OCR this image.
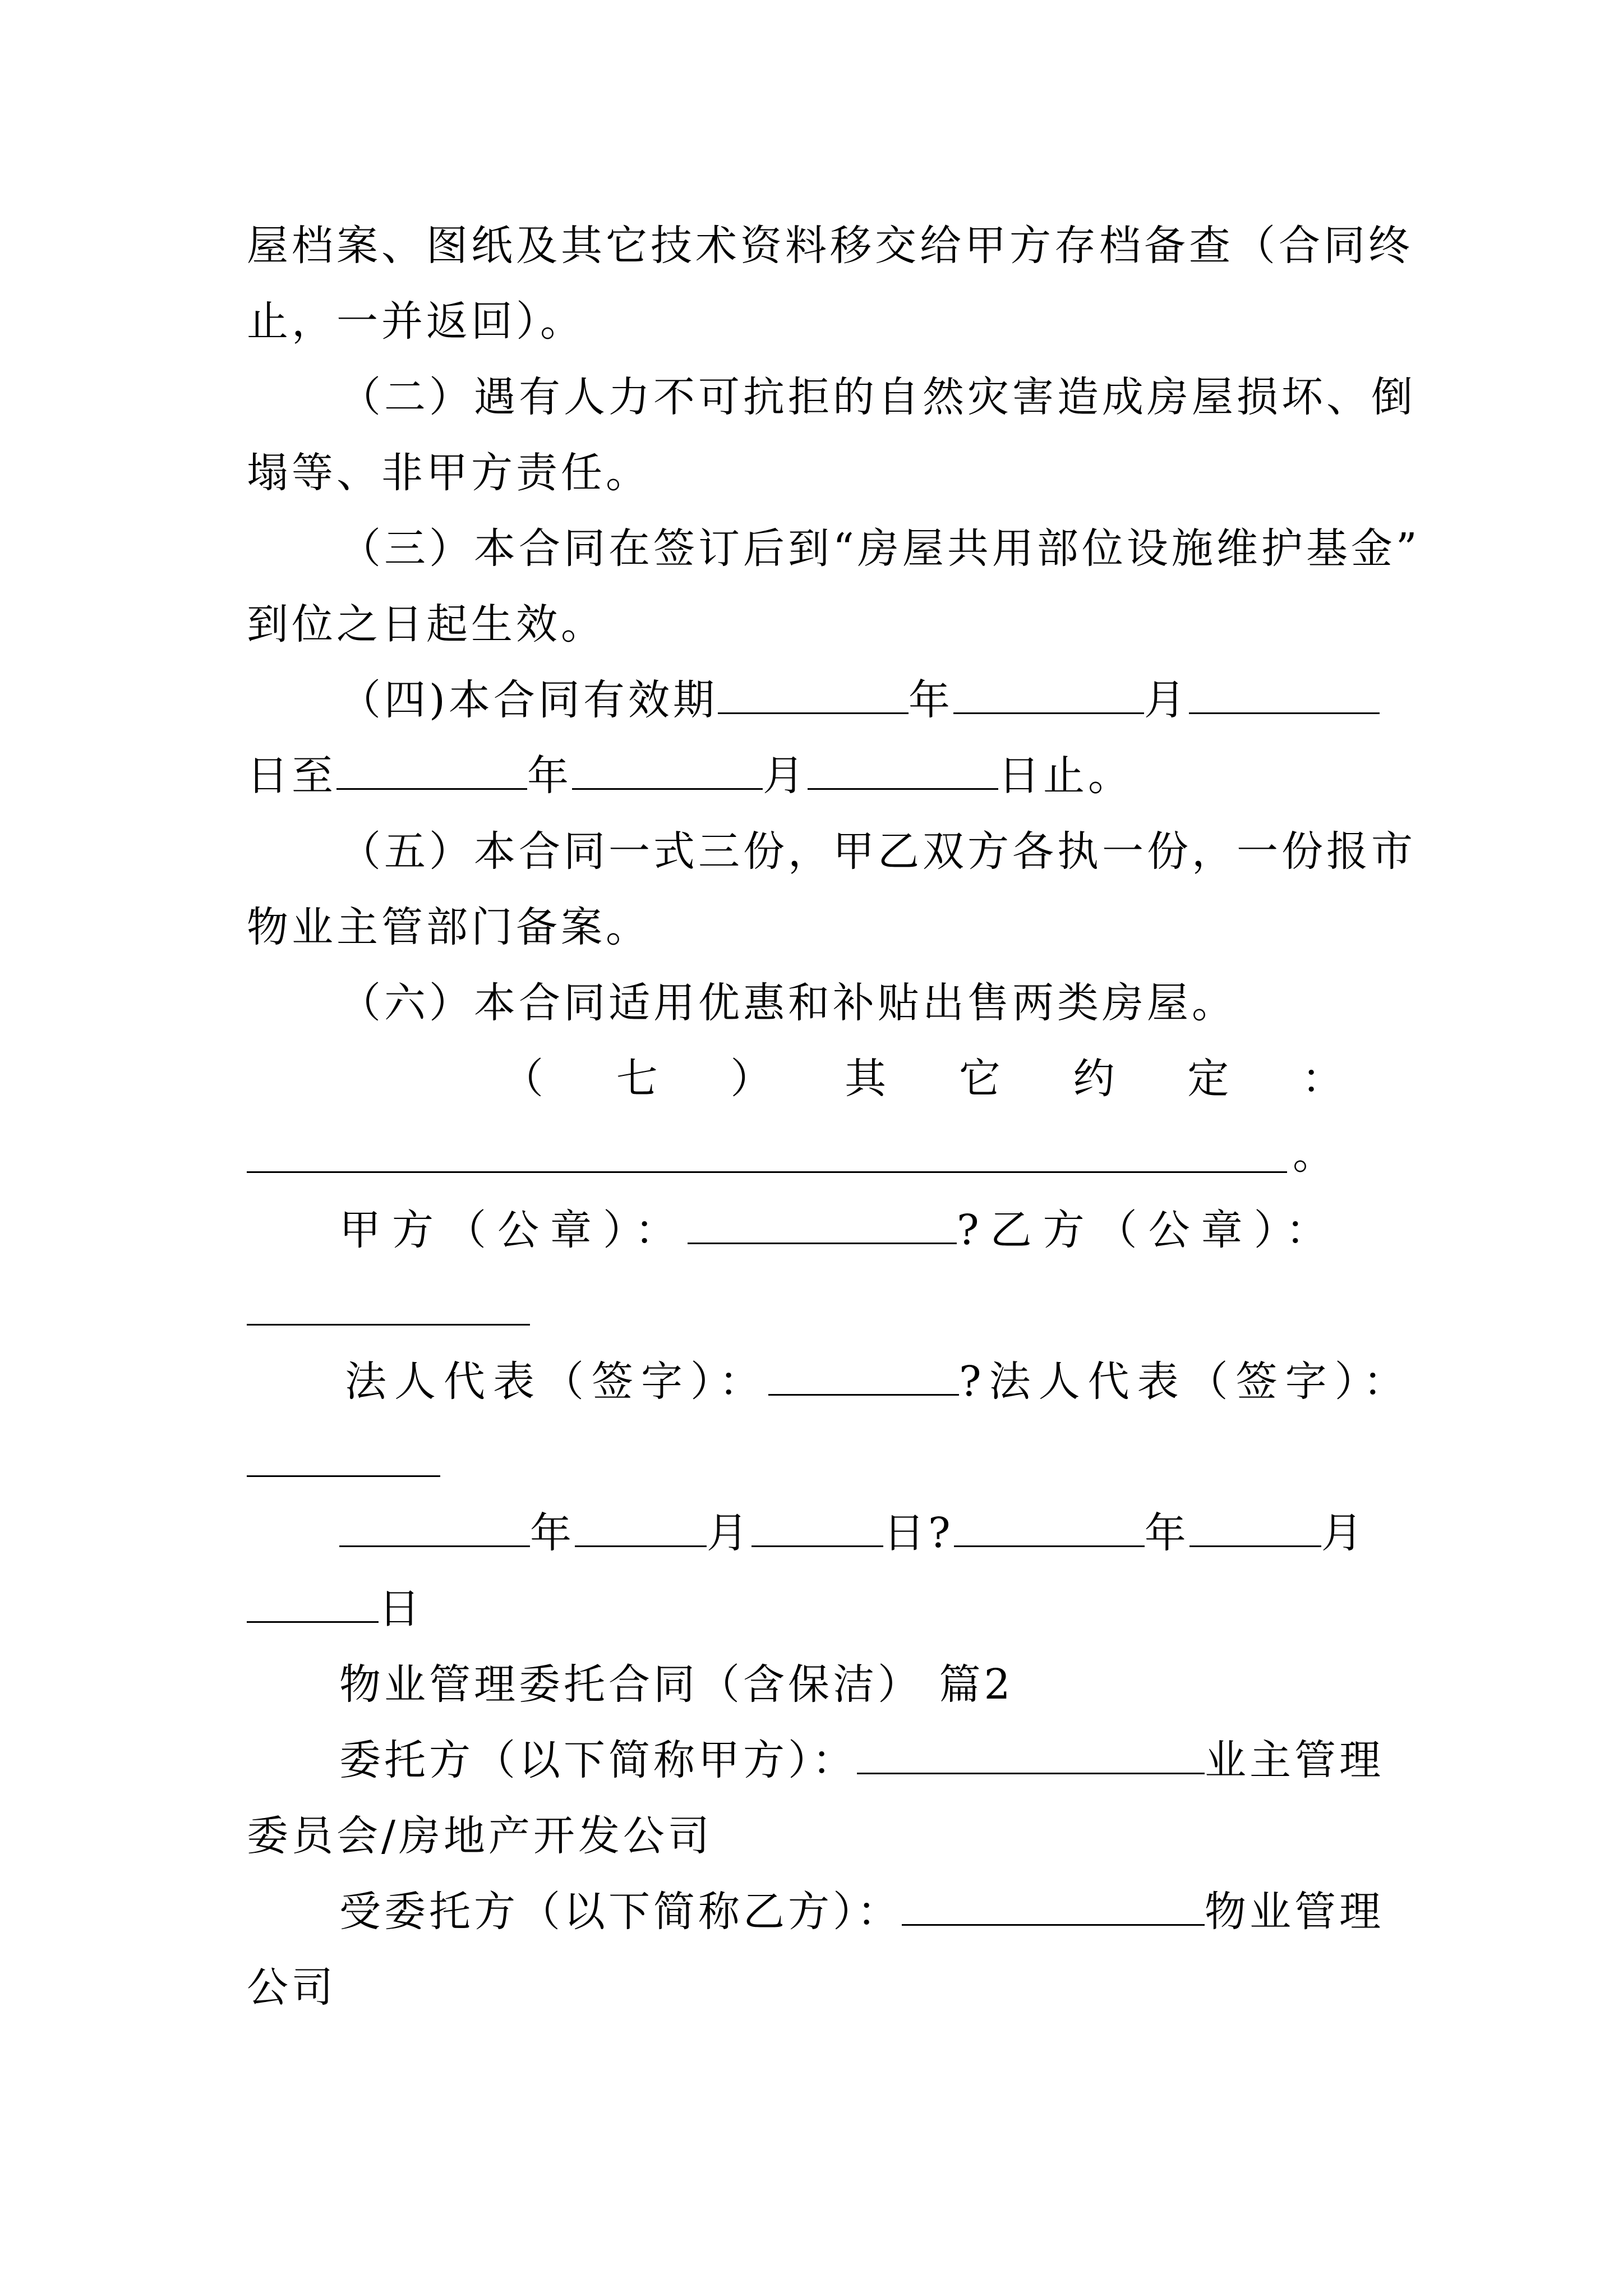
屋档案、图纸及其它技术资料移交给甲方存档备查（合同终
止，一并返回）。
（二）遇有人力不可抗拒的自然灾害造成房屋损坏、倒
塌等、非甲方责任。
（三）本合同在签订后到“房屋共用部位设施维护基金”
到位之日起生效。
（四)本合同有效期	年	月
日至	年	月	日止。
（五）本合同一式三份，甲乙双方各执一份，一份报市
物业主管部门备案。
（六）本合同适用优惠和补贴出售两类房屋。
（七）其它约定：
。
甲方（公章）：	?乙方（公章）：
法人代表（签字）：	?法人代表（签字）：
年	月	日?	年	月
日
物业管理委托合同（含保洁） 篇2
委托方（以下简称甲方）：	业主管理
委员会/房地产开发公司
受委托方（以下简称乙方）：	物业管理
公司
